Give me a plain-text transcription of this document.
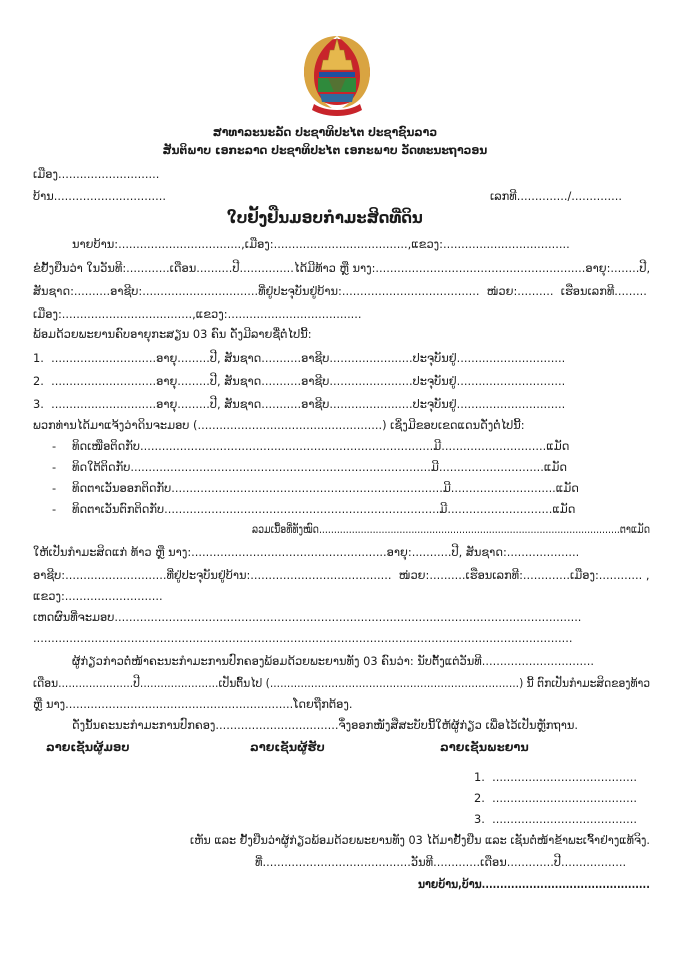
ສາທາລະນະລັດ ປະຊາທິປະໄຕ ປະຊາຊົນລາວ
ສັນຕິພາບ ເອກະລາດ ປະຊາທິປະໄຕ ເອກະພາບ ວັດທະນະຖາວອນ
ເມືອງ............................
ບ້ານ...............................	ເລກທີ............../..............
ໃບຢັ້ງຢືນມອບກຳມະສິດທີ່ດິນ
ນາຍບ້ານ:..................................,ເມືອງ:.....................................,ແຂວງ:...................................
ຂໍຢັ້ງຢືນວ່າ ໃນວັນທີ:............ເດືອນ..........ປີ...............ໄດ້ມີທ້າວ ຫຼື ນາງ:..........................................................ອາຍຸ:........ປີ,
ສັນຊາດ:..........ອາຊີບ:................................ທີ່ຢູ່ປະຈຸບັນຢູ່ບ້ານ:......................................  ໜ່ວຍ:..........  ເຮືອນເລກທີ.........
ເມືອງ:....................................,ແຂວງ:.....................................
ພ້ອມດ້ວຍພະຍານຄົບອາຍຸກະສຽນ 03 ຄົນ ດັ່ງມີລາຍຊື່ຕໍ່ໄປນີ້:
1.  .............................ອາຍຸ.........ປີ, ສັນຊາດ...........ອາຊີບ.......................ປະຈຸບັນຢູ່..............................
2.  .............................ອາຍຸ.........ປີ, ສັນຊາດ...........ອາຊີບ.......................ປະຈຸບັນຢູ່..............................
3.  .............................ອາຍຸ.........ປີ, ສັນຊາດ...........ອາຊີບ.......................ປະຈຸບັນຢູ່..............................
ພວກທ່ານໄດ້ມາແຈ້ງວ່າດິນຈະມອບ (...................................................) ເຊິ່ງມີຂອບເຂດແດນດັ່ງຕໍ່ໄປນີ້:
- ທິດເໜືອຕິດກັບ.................................................................................ມີ.............................ແມັດ
- ທິດໃຕ້ຕິດກັບ...................................................................................ມີ.............................ແມັດ
- ທິດຕາເວັນອອກຕິດກັບ...........................................................................ມີ.............................ແມັດ
- ທິດຕາເວັນຕົກຕິດກັບ............................................................................ມີ.............................ແມັດ
ລວມເນື້ອທີ່ທັງໝົດ.....................................................................................................ຕາແມັດ
ໃຫ້ເປັນກຳມະສິດແກ່ ທ້າວ ຫຼື ນາງ:......................................................ອາຍຸ:...........ປີ, ສັນຊາດ:....................
ອາຊີບ:............................ທີ່ຢູ່ປະຈຸບັນຢູ່ບ້ານ:.......................................  ໜ່ວຍ:..........ເຮືອນເລກທີ:.............ເມືອງ:............ ,
ແຂວງ:...........................
ເຫດຜົນທີ່ຈະມອບ.................................................................................................................................
.....................................................................................................................................................
ຜູ້ກ່ຽວກ່າວຕໍ່ໜ້າຄະນະກຳມະການປົກຄອງພ້ອມດ້ວຍພະຍານທັງ 03 ຄົນວ່າ: ນັບຕັ້ງແຕ່ວັນທີ...............................
ເດືອນ......................ປີ.......................ເປັນຕົ້ນໄປ (.........................................................................) ນີ້ ຕົກເປັນກຳມະສິດຂອງທ້າວ
ຫຼື ນາງ...............................................................ໂດຍຖືກຕ້ອງ.
ດັ່ງນັ້ນຄະນະກຳມະການປົກຄອງ..................................ຈຶ່ງອອກໜັງສືສະບັບນີ້ໃຫ້ຜູ້ກ່ຽວ ເພື່ອໄວ້ເປັນຫຼັກຖານ.
ລາຍເຊັນຜູ້ມອບ	ລາຍເຊັນຜູ້ຮັບ	ລາຍເຊັນພະຍານ
1.  ........................................
2.  ........................................
3.  ........................................
ເຫັນ ແລະ ຢັ້ງຢືນວ່າຜູ້ກ່ຽວພ້ອມດ້ວຍພະຍານທັງ 03 ໄດ້ມາຢັ້ງຢືນ ແລະ ເຊັນຕໍ່ໜ້າຂ້າພະເຈົ້າຢ່າງແທ້ຈິງ.
ທີ່.........................................ວັນທີ.............ເດືອນ.............ປີ..................
ນາຍບ້ານ,ບ້ານ..............................................
